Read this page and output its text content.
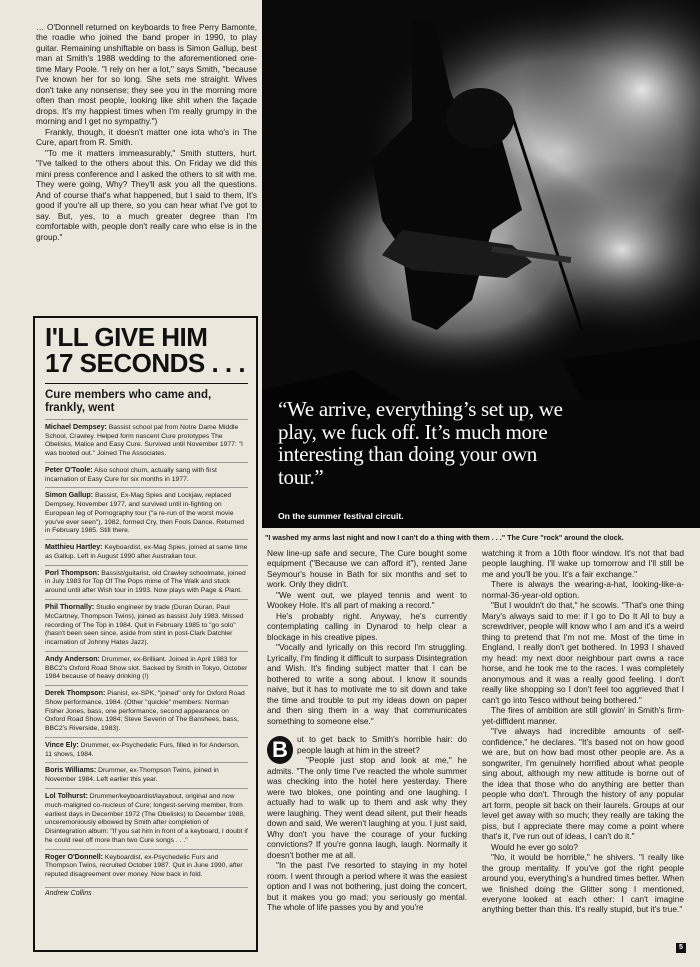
… O'Donnell returned on keyboards to free Perry Bamonte, the roadie who joined the band proper in 1990, to play guitar. Remaining unshiftable on bass is Simon Gallup, best man at Smith's 1988 wedding to the aforementioned one-time Mary Poole. "I rely on her a lot," says Smith, "because I've known her for so long. She sets me straight. Wives don't take any nonsense; they see you in the morning more often than most people, looking like shit when the façade drops. It's my happiest times when I'm really grumpy in the morning and I get no sympathy.")

Frankly, though, it doesn't matter one iota who's in The Cure, apart from R. Smith.

"To me it matters immeasurably," Smith stutters, hurt. "I've talked to the others about this. On Friday we did this mini press conference and I asked the others to sit with me. They were going, Why? They'll ask you all the questions. And of course that's what happened, but I said to them, It's good if you're all up there, so you can hear what I've got to say. But, yes, to a much greater degree than I'm comfortable with, people don't really care who else is in the group."

“We arrive, everything’s set up, we play, we fuck off. It’s much more interesting than doing your own tour.”
On the summer festival circuit.
"I washed my arms last night and now I can't do a thing with them . . ." The Cure "rock" around the clock.
I'LL GIVE HIM
17 SECONDS . . .
Cure members who came and, frankly, went
Michael Dempsey: Bassist school pal from Notre Dame Middle School, Crawley. Helped form nascent Cure prototypes The Obelisks, Malice and Easy Cure. Survived until November 1977: "I was booted out." Joined The Associates.
Peter O'Toole: Also school chum, actually sang with first incarnation of Easy Cure for six months in 1977.
Simon Gallup: Bassist, Ex-Mag Spies and Lockjaw, replaced Dempsey, November 1977, and survived until in-fighting on European leg of Pornography tour ("a re-run of the worst movie you've ever seen"), 1982, formed Cry, then Fools Dance. Returned in February 1985. Still there.
Matthieu Hartley: Keyboardist, ex-Mag Spies, joined at same time as Gallup. Left in August 1990 after Australian tour.
Porl Thompson: Bassist/guitarist, old Crawley schoolmate, joined in July 1983 for Top Of The Pops mime of The Walk and stuck around until after Wish tour in 1993. Now plays with Page & Plant.
Phil Thornally: Studio engineer by trade (Duran Duran, Paul McCartney, Thompson Twins), joined as bassist July 1983. Missed recording of The Top in 1984. Quit in February 1985 to "go solo" (hasn't been seen since, aside from stint in post-Clark Datchler incarnation of Johnny Hates Jazz).
Andy Anderson: Drummer, ex-Brilliant. Joined in April 1983 for BBC2's Oxford Road Show slot. Sacked by Smith in Tokyo, October 1984 because of heavy drinking (!)
Derek Thompson: Pianist, ex-SPK, "joined" only for Oxford Road Show performance, 1984. (Other "quickie" members: Norman Fisher Jones, bass, one performance, second appearance on Oxford Road Show, 1984; Steve Severin of The Banshees, bass, BBC2's Riverside, 1983).
Vince Ely: Drummer, ex-Psychedelic Furs, filled in for Anderson, 11 shows, 1984.
Boris Williams: Drummer, ex-Thompson Twins, joined in November 1984. Left earlier this year.
Lol Tolhurst: Drummer/keyboardist/layabout, original and now much-maligned co-nucleus of Cure; longest-serving member, from earliest days in December 1972 (The Obelisks) to December 1988, unceremoniously elbowed by Smith after completion of Disintegration album: "If you sat him in front of a keyboard, I doubt if he could reel off more than two Cure songs . . ."
Roger O'Donnell: Keyboardist, ex-Psychedelic Furs and Thompson Twins, recruited October 1987. Quit in June 1990, after reputed disagreement over money. Now back in fold.
Andrew Collins

New line-up safe and secure, The Cure bought some equipment ("Because we can afford it"), rented Jane Seymour's house in Bath for six months and set to work. Only they didn't.

"We went out, we played tennis and went to Wookey Hole. It's all part of making a record."

He's probably right. Anyway, he's currently contemplating calling in Dynarod to help clear a blockage in his creative pipes.

"Vocally and lyrically on this record I'm struggling. Lyrically, I'm finding it difficult to surpass Disintegration and Wish. It's finding subject matter that I can be bothered to write a song about. I know it sounds naive, but it has to motivate me to sit down and take the time and trouble to put my ideas down on paper and then sing them in a way that communicates something to someone else."

B	ut to get back to Smith's horrible hair: do people laugh at him in the street?

"People just stop and look at me," he admits. "The only time I've reacted the whole summer was checking into the hotel here yesterday. There were two blokes, one pointing and one laughing. I actually had to walk up to them and ask why they were laughing. They went dead silent, put their heads down and said, We weren't laughing at you. I just said, Why don't you have the courage of your fucking convictions? If you're gonna laugh, laugh. Normally it doesn't bother me at all.

"In the past I've resorted to staying in my hotel room. I went through a period where it was the easiest option and I was not bothering, just doing the concert, but it makes you go mad; you seriously go mental. The whole of life passes you by and you're

watching it from a 10th floor window. It's not that bad people laughing. I'll wake up tomorrow and I'll still be me and you'll be you. It's a fair exchange."

There is always the wearing-a-hat, looking-like-a-normal-36-year-old option.

"But I wouldn't do that," he scowls. "That's one thing Mary's always said to me: if I go to Do It All to buy a screwdriver, people will know who I am and it's a weird thing to pretend that I'm not me. Most of the time in England, I really don't get bothered. In 1993 I shaved my head: my next door neighbour part owns a race horse, and he took me to the races. I was completely anonymous and it was a really good feeling. I don't really like shopping so I don't feel too aggrieved that I can't go into Tesco without being bothered."

The fires of ambition are still glowin' in Smith's firm-yet-diffident manner.

"I've always had incredible amounts of self-confidence," he declares. "It's based not on how good we are, but on how bad most other people are. As a songwriter, I'm genuinely horrified about what people sing about, although my new attitude is borne out of the idea that those who do anything are better than people who don't. Through the history of any popular art form, people sit back on their laurels. Groups at our level get away with so much; they really are taking the piss, but I appreciate there may come a point where that's it, I've run out of ideas, I can't do it."

Would he ever go solo?

"No, it would be horrible," he shivers. "I really like the group mentality. If you've got the right people around you, everything's a hundred times better. When we finished doing the Glitter song I mentioned, everyone looked at each other: I can't imagine anything better than this. It's really stupid, but it's true."

5
